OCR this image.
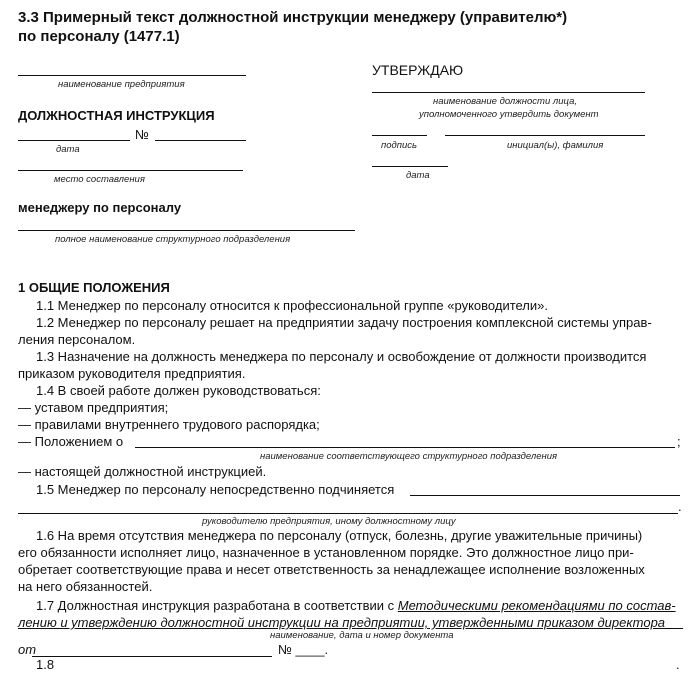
3.3 Примерный текст должностной инструкции менеджеру (управителю*)
по персоналу (1477.1)
наименование предприятия
ДОЛЖНОСТНАЯ ИНСТРУКЦИЯ
№
дата
место составления
менеджеру по персоналу
полное наименование структурного подразделения
УТВЕРЖДАЮ
наименование должности лица,
уполномоченного утвердить документ
подпись	инициал(ы), фамилия
дата
1 ОБЩИЕ ПОЛОЖЕНИЯ
1.1 Менеджер по персоналу относится к профессиональной группе «руководители».
1.2 Менеджер по персоналу решает на предприятии задачу построения комплексной системы управ-
ления персоналом.
1.3 Назначение на должность менеджера по персоналу и освобождение от должности производится
приказом руководителя предприятия.
1.4 В своей работе должен руководствоваться:
— уставом предприятия;
— правилами внутреннего трудового распорядка;
— Положением о	;
наименование соответствующего структурного подразделения
— настоящей должностной инструкцией.
1.5 Менеджер по персоналу непосредственно подчиняется
.
руководителю предприятия, иному должностному лицу
1.6 На время отсутствия менеджера по персоналу (отпуск, болезнь, другие уважительные причины)
его обязанности исполняет лицо, назначенное в установленном порядке. Это должностное лицо при-
обретает соответствующие права и несет ответственность за ненадлежащее исполнение возложенных
на него обязанностей.
1.7 Должностная инструкция разработана в соответствии с Методическими рекомендациями по состав-
лению и утверждению должностной инструкции на предприятии, утвержденными приказом директора __
наименование, дата и номер документа
от	№ ____.
1.8	.
